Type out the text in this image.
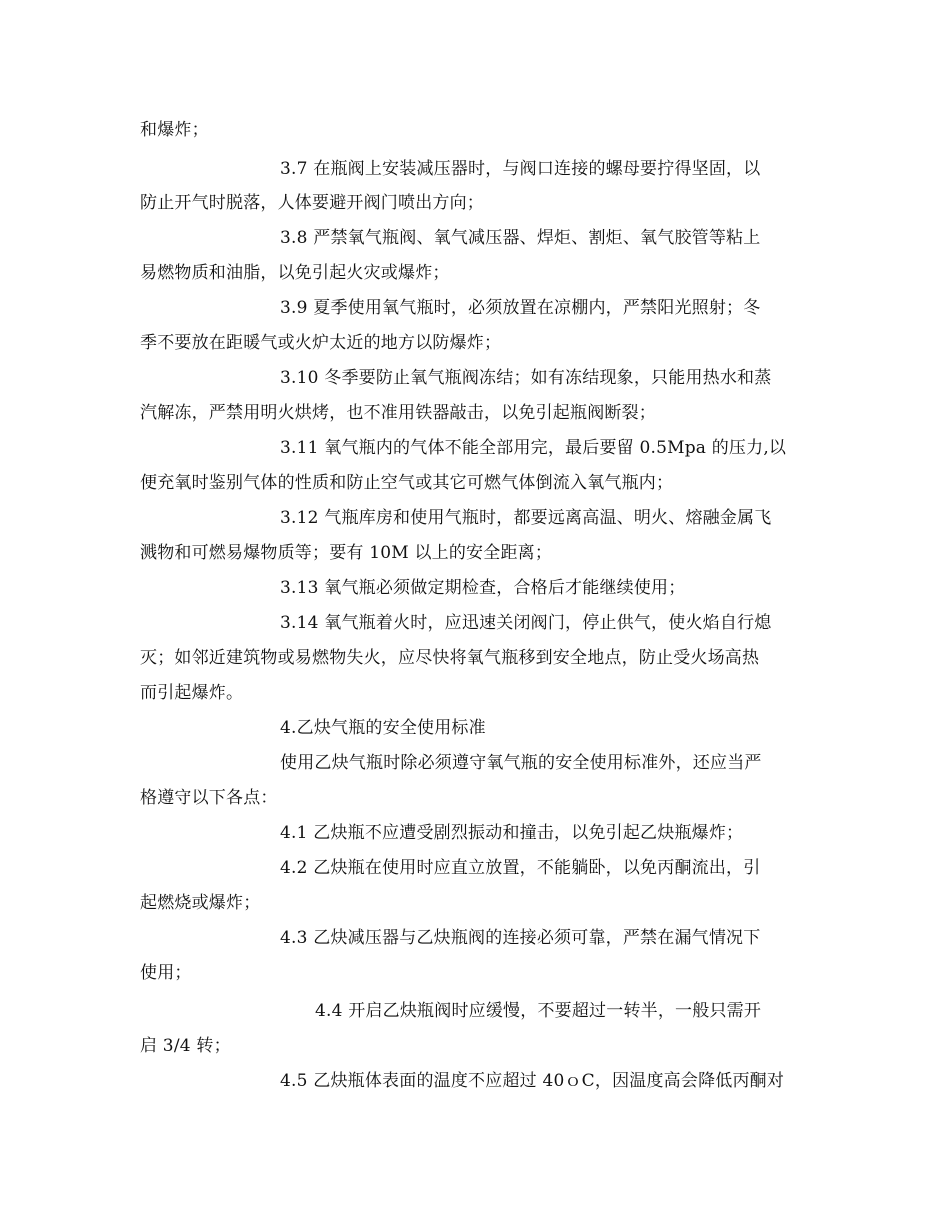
和爆炸；
3.7 在瓶阀上安装减压器时，与阀口连接的螺母要拧得坚固，以
防止开气时脱落，人体要避开阀门喷出方向；
3.8 严禁氧气瓶阀、氧气减压器、焊炬、割炬、氧气胶管等粘上
易燃物质和油脂，以免引起火灾或爆炸；
3.9 夏季使用氧气瓶时，必须放置在凉棚内，严禁阳光照射；冬
季不要放在距暖气或火炉太近的地方以防爆炸；
3.10 冬季要防止氧气瓶阀冻结；如有冻结现象，只能用热水和蒸
汽解冻，严禁用明火烘烤，也不准用铁器敲击，以免引起瓶阀断裂；
3.11 氧气瓶内的气体不能全部用完，最后要留 0.5Mpa 的压力,以
便充氧时鉴别气体的性质和防止空气或其它可燃气体倒流入氧气瓶内；
3.12 气瓶库房和使用气瓶时，都要远离高温、明火、熔融金属飞
溅物和可燃易爆物质等；要有 10M 以上的安全距离；
3.13 氧气瓶必须做定期检查，合格后才能继续使用；
3.14 氧气瓶着火时，应迅速关闭阀门，停止供气，使火焰自行熄
灭；如邻近建筑物或易燃物失火，应尽快将氧气瓶移到安全地点，防止受火场高热
而引起爆炸。
4.乙炔气瓶的安全使用标准
使用乙炔气瓶时除必须遵守氧气瓶的安全使用标准外，还应当严
格遵守以下各点：
4.1 乙炔瓶不应遭受剧烈振动和撞击，以免引起乙炔瓶爆炸；
4.2 乙炔瓶在使用时应直立放置，不能躺卧，以免丙酮流出，引
起燃烧或爆炸；
4.3 乙炔减压器与乙炔瓶阀的连接必须可靠，严禁在漏气情况下
使用；
4.4 开启乙炔瓶阀时应缓慢，不要超过一转半，一般只需开
启 3/4 转；
4.5 乙炔瓶体表面的温度不应超过 40ｏC，因温度高会降低丙酮对
